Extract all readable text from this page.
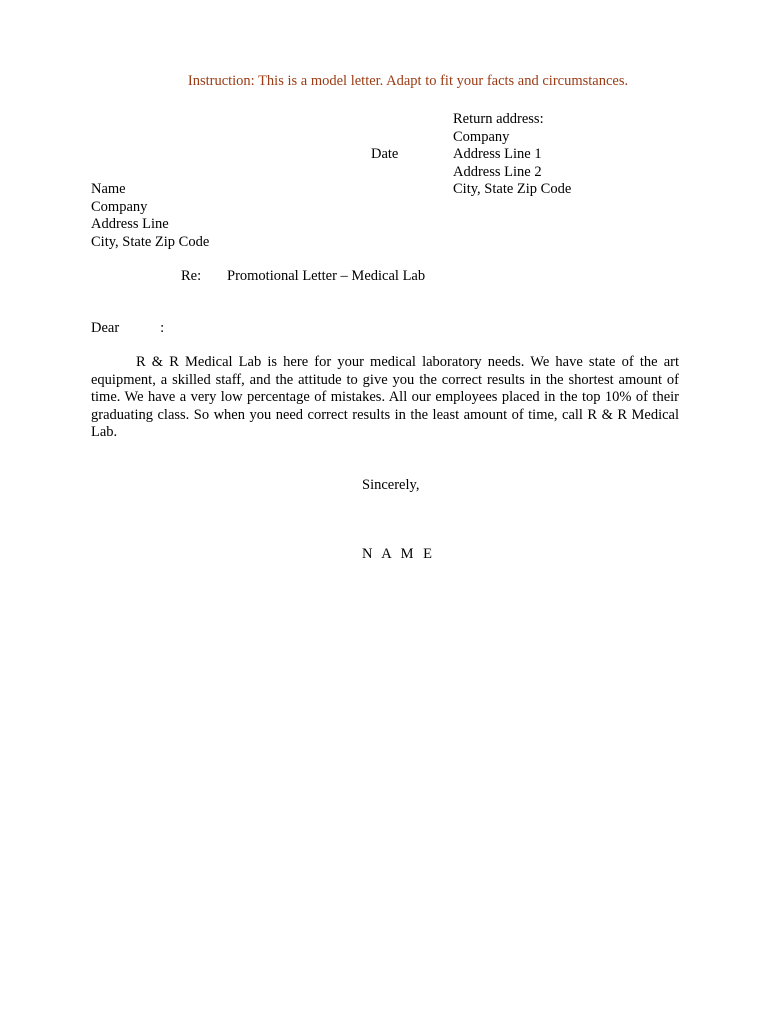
Instruction: This is a model letter. Adapt to fit your facts and circumstances.
Return address:
Company
Address Line 1
Address Line 2
City, State Zip Code
Date
Name
Company
Address Line
City, State Zip Code
Re: Promotional Letter – Medical Lab
Dear	:
R & R Medical Lab is here for your medical laboratory needs. We have state of the art equipment, a skilled staff, and the attitude to give you the correct results in the shortest amount of time. We have a very low percentage of mistakes. All our employees placed in the top 10% of their graduating class. So when you need correct results in the least amount of time, call R & R Medical Lab.
Sincerely,
N A M E
